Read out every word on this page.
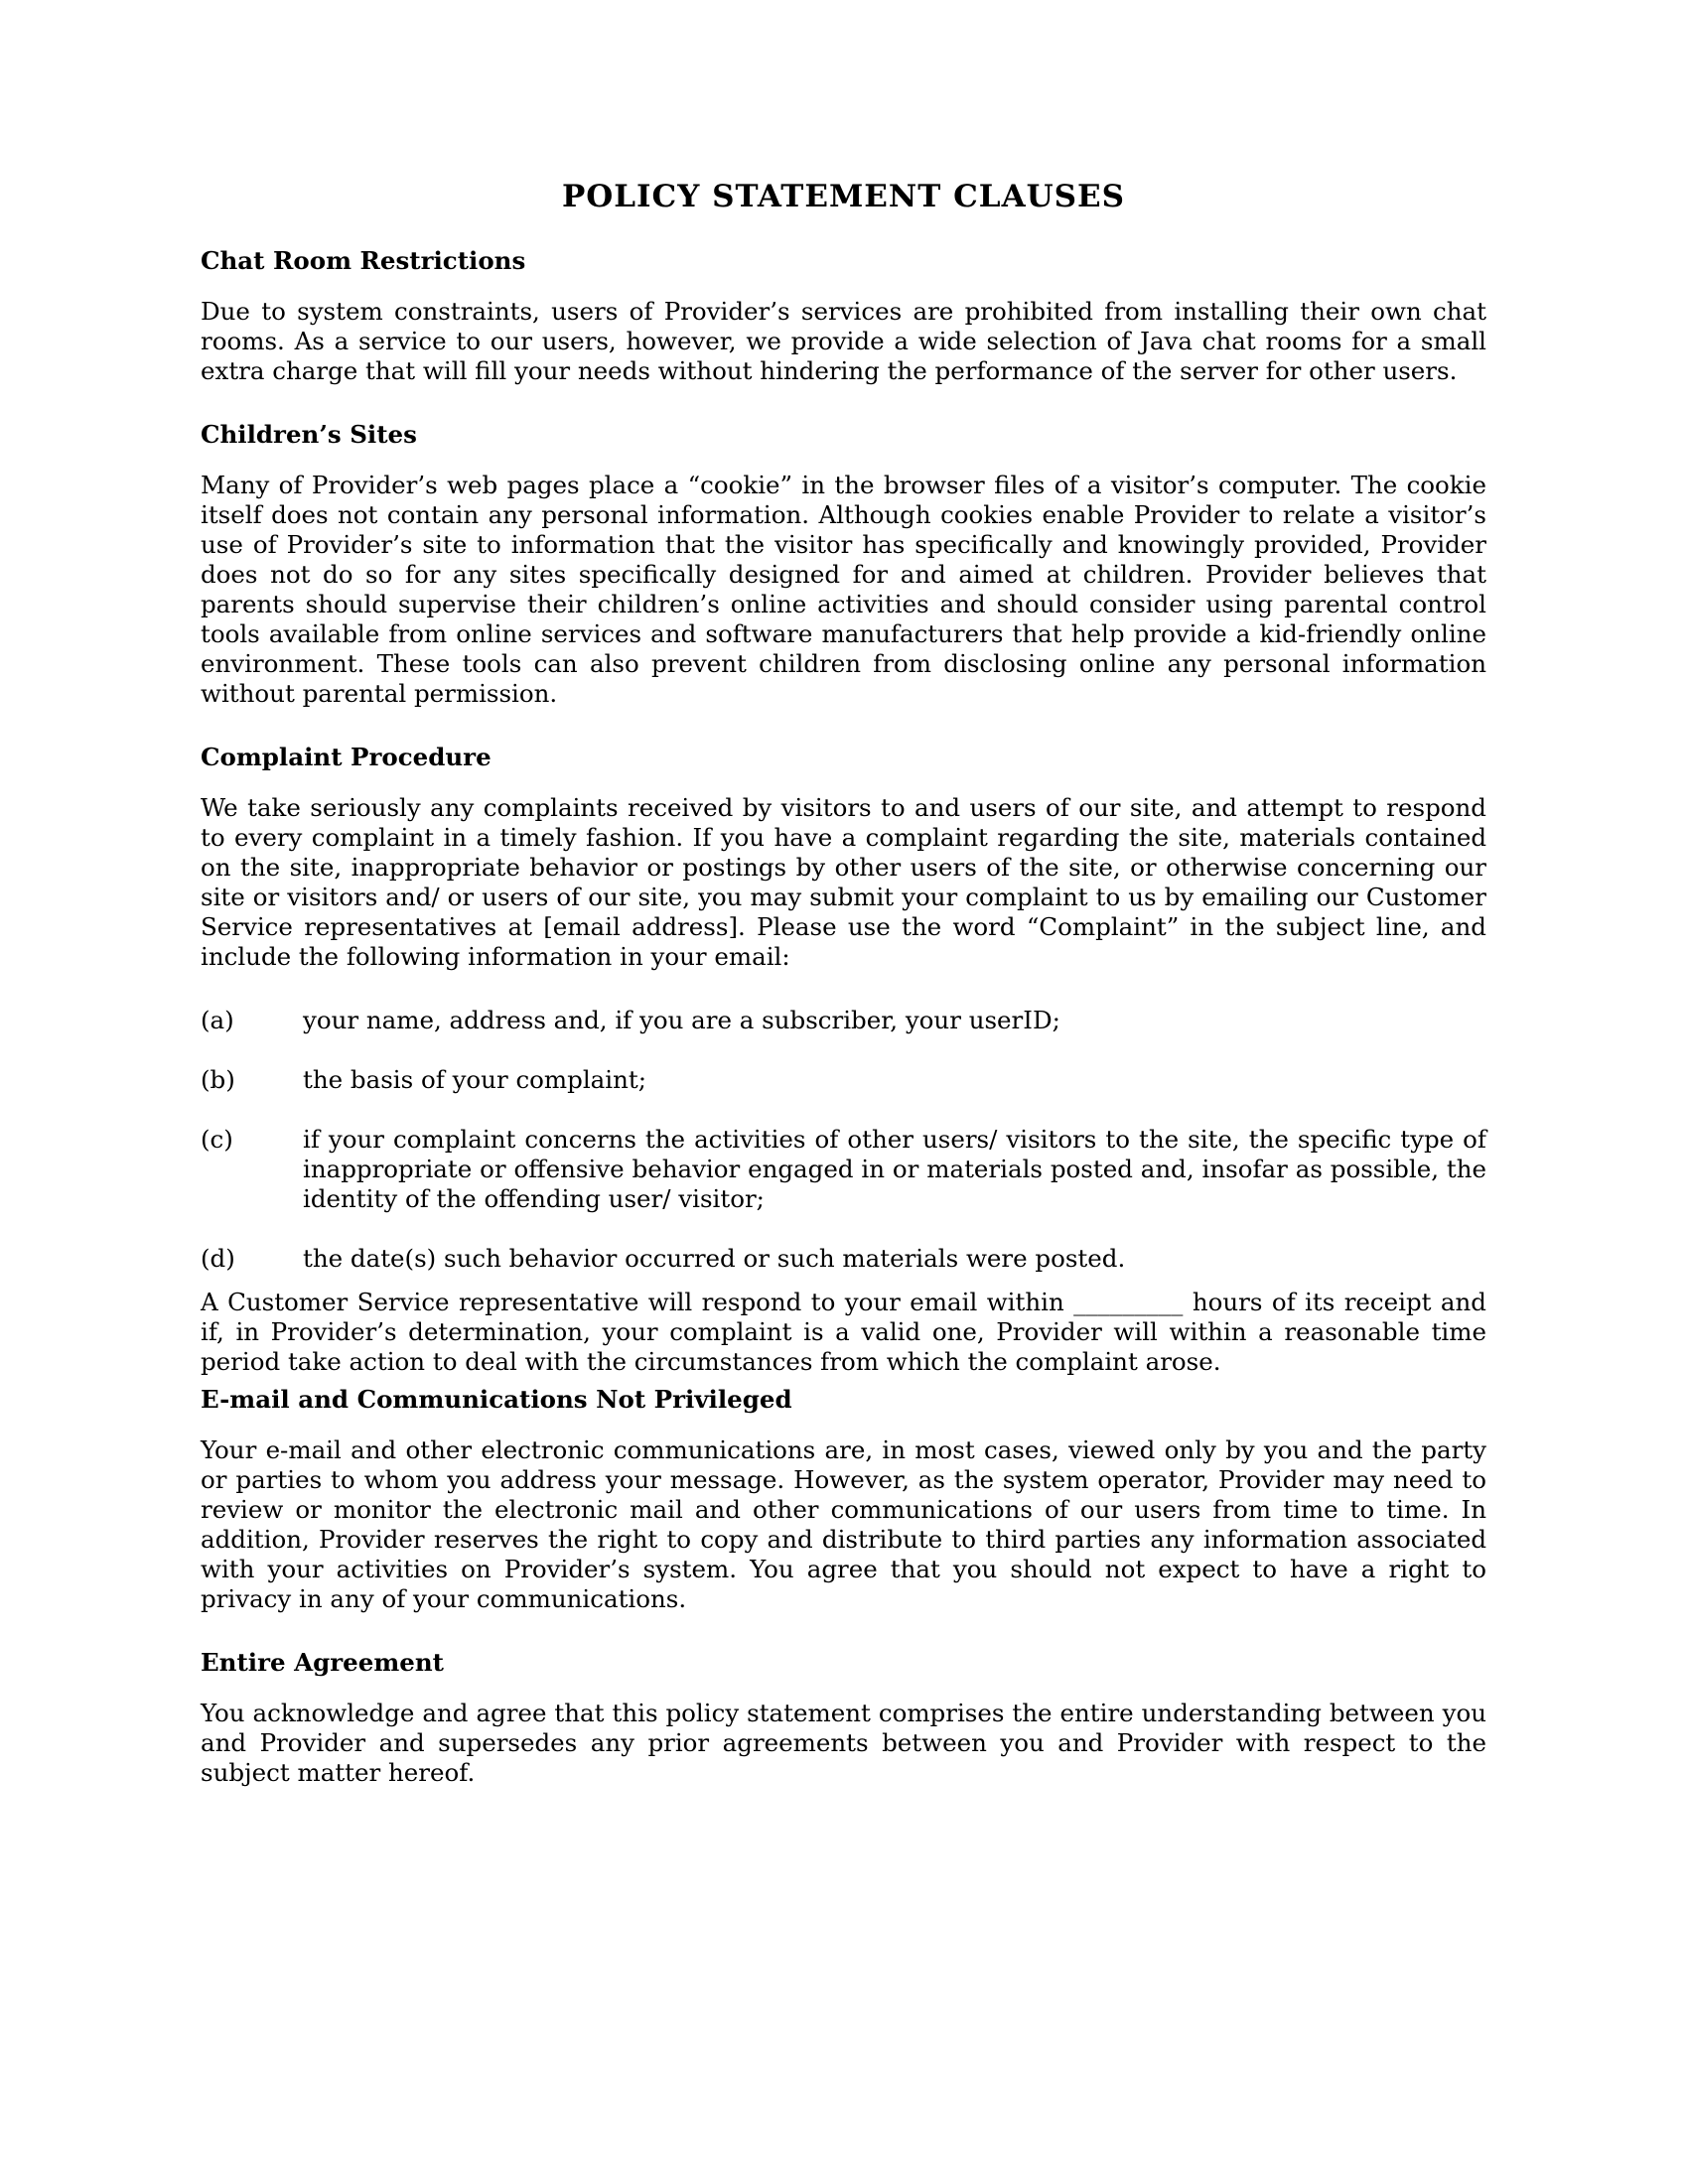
POLICY STATEMENT CLAUSES
Chat Room Restrictions

Due to system constraints, users of Provider’s services are prohibited from installing their own chat rooms. As a service to our users, however, we provide a wide selection of Java chat rooms for a small extra charge that will fill your needs without hindering the performance of the server for other users.

Children’s Sites

Many of Provider’s web pages place a “cookie” in the browser files of a visitor’s computer. The cookie itself does not contain any personal information. Although cookies enable Provider to relate a visitor’s use of Provider’s site to information that the visitor has specifically and knowingly provided, Provider does not do so for any sites specifically designed for and aimed at children. Provider believes that parents should supervise their children’s online activities and should consider using parental control tools available from online services and software manufacturers that help provide a kid-friendly online environment. These tools can also prevent children from disclosing online any personal information without parental permission.

Complaint Procedure

We take seriously any complaints received by visitors to and users of our site, and attempt to respond to every complaint in a timely fashion. If you have a complaint regarding the site, materials contained on the site, inappropriate behavior or postings by other users of the site, or otherwise concerning our site or visitors and/ or users of our site, you may submit your complaint to us by emailing our Customer Service representatives at [email address]. Please use the word “Complaint” in the subject line, and include the following information in your email:

(a)	your name, address and, if you are a subscriber, your userID;
(b)	the basis of your complaint;
(c)	if your complaint concerns the activities of other users/ visitors to the site, the specific type of inappropriate or offensive behavior engaged in or materials posted and, insofar as possible, the identity of the offending user/ visitor;
(d)	the date(s) such behavior occurred or such materials were posted.

A Customer Service representative will respond to your email within _________ hours of its receipt and if, in Provider’s determination, your complaint is a valid one, Provider will within a reasonable time period take action to deal with the circumstances from which the complaint arose.

E-mail and Communications Not Privileged

Your e-mail and other electronic communications are, in most cases, viewed only by you and the party or parties to whom you address your message. However, as the system operator, Provider may need to review or monitor the electronic mail and other communications of our users from time to time. In addition, Provider reserves the right to copy and distribute to third parties any information associated with your activities on Provider’s system. You agree that you should not expect to have a right to privacy in any of your communications.

Entire Agreement

You acknowledge and agree that this policy statement comprises the entire understanding between you and Provider and supersedes any prior agreements between you and Provider with respect to the subject matter hereof.
